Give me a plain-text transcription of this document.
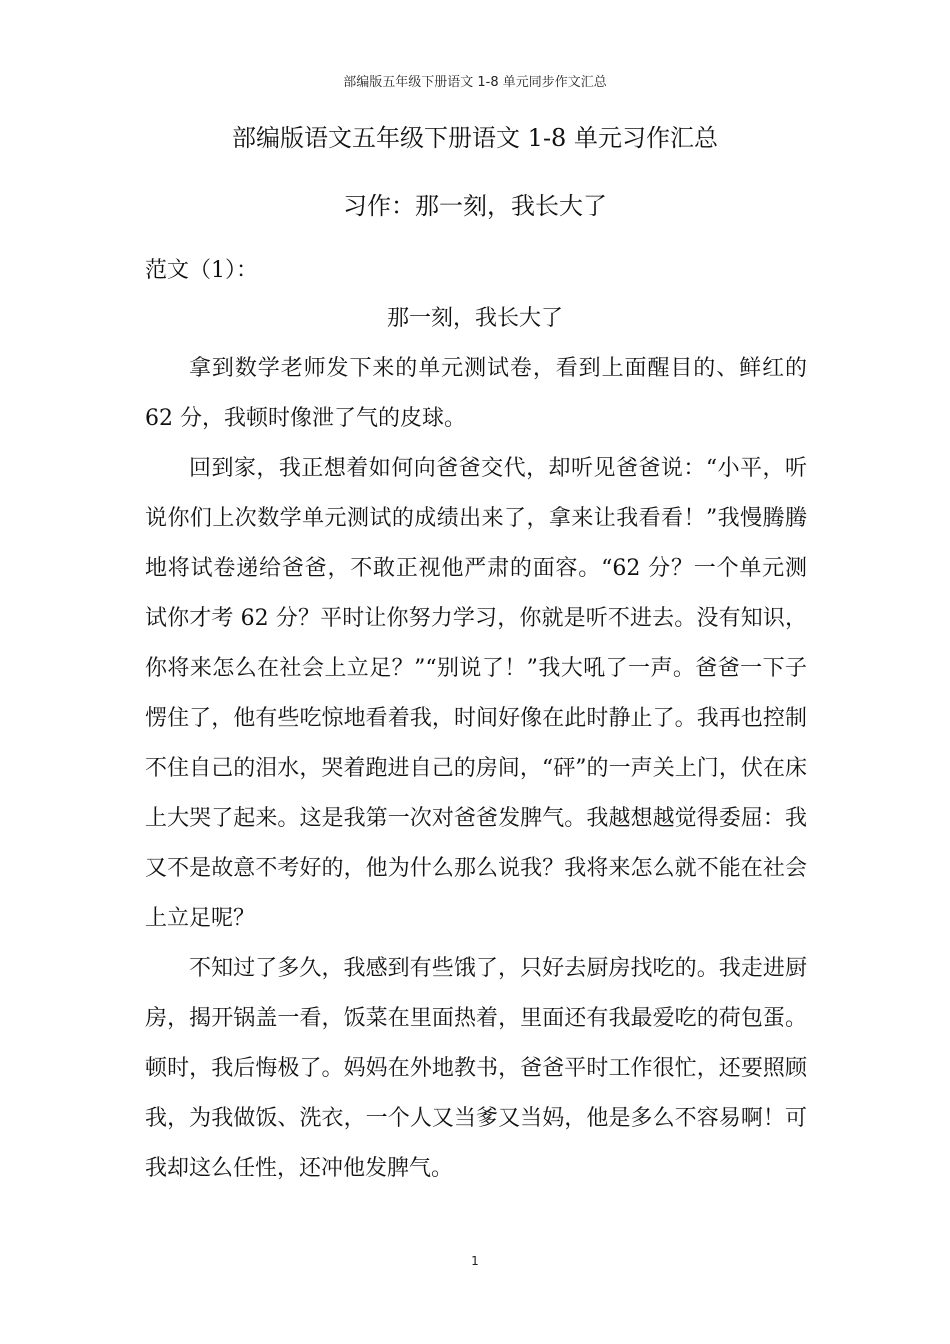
部编版五年级下册语文 1-8 单元同步作文汇总
部编版语文五年级下册语文 1-8 单元习作汇总
习作：那一刻，我长大了
范文（1）：
那一刻，我长大了

拿到数学老师发下来的单元测试卷，看到上面醒目的、鲜红的 62 分，我顿时像泄了气的皮球。

回到家，我正想着如何向爸爸交代，却听见爸爸说：“小平，听说你们上次数学单元测试的成绩出来了，拿来让我看看！”我慢腾腾地将试卷递给爸爸，不敢正视他严肃的面容。“62 分？一个单元测试你才考 62 分？平时让你努力学习，你就是听不进去。没有知识，你将来怎么在社会上立足？”“别说了！”我大吼了一声。爸爸一下子愣住了，他有些吃惊地看着我，时间好像在此时静止了。我再也控制不住自己的泪水，哭着跑进自己的房间，“砰”的一声关上门，伏在床上大哭了起来。这是我第一次对爸爸发脾气。我越想越觉得委屈：我又不是故意不考好的，他为什么那么说我？我将来怎么就不能在社会上立足呢？

不知过了多久，我感到有些饿了，只好去厨房找吃的。我走进厨房，揭开锅盖一看，饭菜在里面热着，里面还有我最爱吃的荷包蛋。顿时，我后悔极了。妈妈在外地教书，爸爸平时工作很忙，还要照顾我，为我做饭、洗衣，一个人又当爹又当妈，他是多么不容易啊！可我却这么任性，还冲他发脾气。

1
